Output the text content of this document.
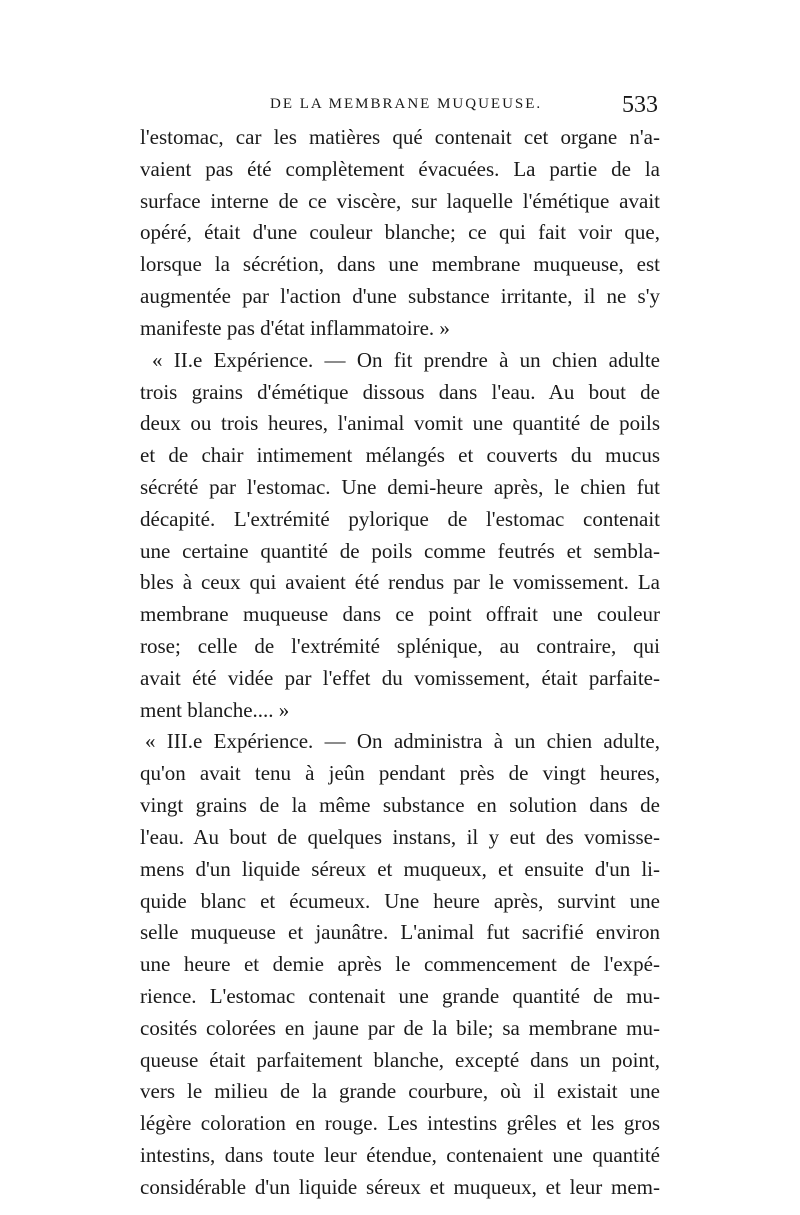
DE LA MEMBRANE MUQUEUSE.	533
l'estomac, car les matières qué contenait cet organe n'a-
vaient pas été complètement évacuées. La partie de la
surface interne de ce viscère, sur laquelle l'émétique avait
opéré, était d'une couleur blanche; ce qui fait voir que,
lorsque la sécrétion, dans une membrane muqueuse, est
augmentée par l'action d'une substance irritante, il ne s'y
manifeste pas d'état inflammatoire. »
« II.e Expérience. — On fit prendre à un chien adulte
trois grains d'émétique dissous dans l'eau. Au bout de
deux ou trois heures, l'animal vomit une quantité de poils
et de chair intimement mélangés et couverts du mucus
sécrété par l'estomac. Une demi-heure après, le chien fut
décapité. L'extrémité pylorique de l'estomac contenait
une certaine quantité de poils comme feutrés et sembla-
bles à ceux qui avaient été rendus par le vomissement. La
membrane muqueuse dans ce point offrait une couleur
rose; celle de l'extrémité splénique, au contraire, qui
avait été vidée par l'effet du vomissement, était parfaite-
ment blanche.... »
« III.e Expérience. — On administra à un chien adulte,
qu'on avait tenu à jeûn pendant près de vingt heures,
vingt grains de la même substance en solution dans de
l'eau. Au bout de quelques instans, il y eut des vomisse-
mens d'un liquide séreux et muqueux, et ensuite d'un li-
quide blanc et écumeux. Une heure après, survint une
selle muqueuse et jaunâtre. L'animal fut sacrifié environ
une heure et demie après le commencement de l'expé-
rience. L'estomac contenait une grande quantité de mu-
cosités colorées en jaune par de la bile; sa membrane mu-
queuse était parfaitement blanche, excepté dans un point,
vers le milieu de la grande courbure, où il existait une
légère coloration en rouge. Les intestins grêles et les gros
intestins, dans toute leur étendue, contenaient une quantité
considérable d'un liquide séreux et muqueux, et leur mem-
